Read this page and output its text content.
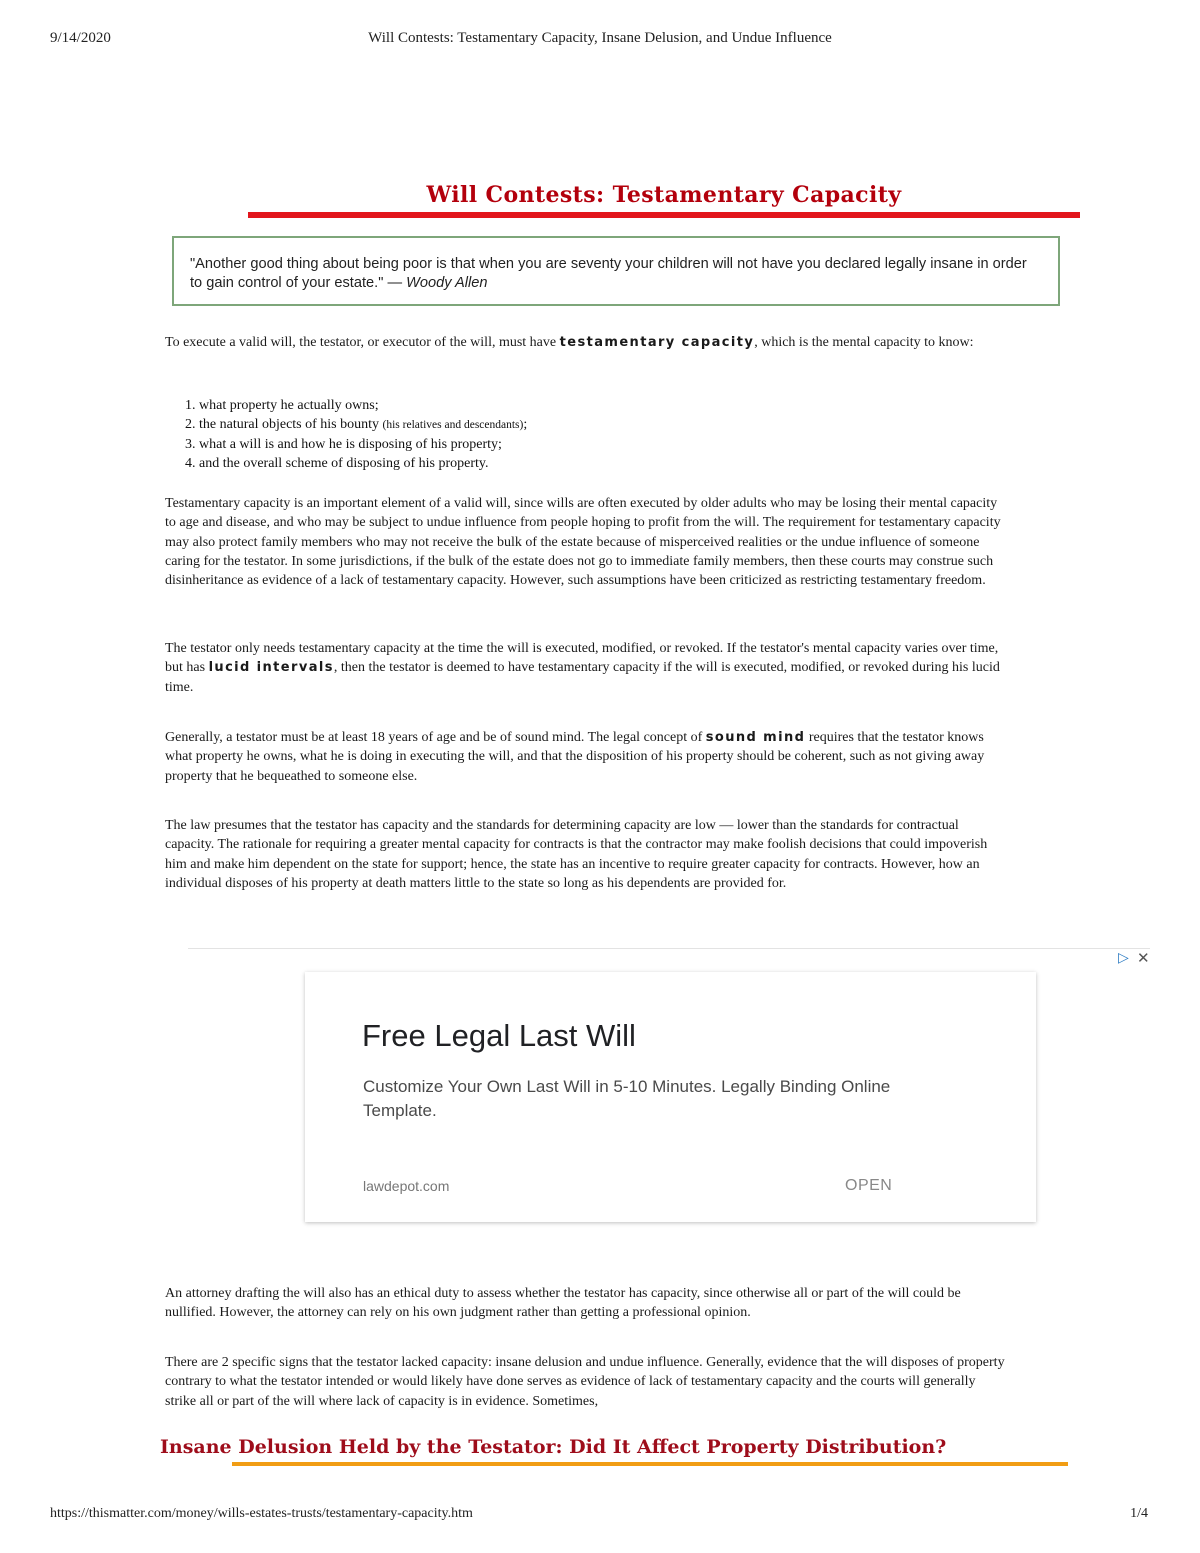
9/14/2020	Will Contests: Testamentary Capacity, Insane Delusion, and Undue Influence
Will Contests: Testamentary Capacity
"Another good thing about being poor is that when you are seventy your children will not have you declared legally insane in order to gain control of your estate." — Woody Allen
To execute a valid will, the testator, or executor of the will, must have testamentary capacity, which is the mental capacity to know:
1. what property he actually owns;
2. the natural objects of his bounty (his relatives and descendants);
3. what a will is and how he is disposing of his property;
4. and the overall scheme of disposing of his property.
Testamentary capacity is an important element of a valid will, since wills are often executed by older adults who may be losing their mental capacity to age and disease, and who may be subject to undue influence from people hoping to profit from the will. The requirement for testamentary capacity may also protect family members who may not receive the bulk of the estate because of misperceived realities or the undue influence of someone caring for the testator. In some jurisdictions, if the bulk of the estate does not go to immediate family members, then these courts may construe such disinheritance as evidence of a lack of testamentary capacity. However, such assumptions have been criticized as restricting testamentary freedom.
The testator only needs testamentary capacity at the time the will is executed, modified, or revoked. If the testator's mental capacity varies over time, but has lucid intervals, then the testator is deemed to have testamentary capacity if the will is executed, modified, or revoked during his lucid time.
Generally, a testator must be at least 18 years of age and be of sound mind. The legal concept of sound mind requires that the testator knows what property he owns, what he is doing in executing the will, and that the disposition of his property should be coherent, such as not giving away property that he bequeathed to someone else.
The law presumes that the testator has capacity and the standards for determining capacity are low — lower than the standards for contractual capacity. The rationale for requiring a greater mental capacity for contracts is that the contractor may make foolish decisions that could impoverish him and make him dependent on the state for support; hence, the state has an incentive to require greater capacity for contracts. However, how an individual disposes of his property at death matters little to the state so long as his dependents are provided for.
▷ ✕
Free Legal Last Will
Customize Your Own Last Will in 5-10 Minutes. Legally Binding Online Template.
lawdepot.com	OPEN
An attorney drafting the will also has an ethical duty to assess whether the testator has capacity, since otherwise all or part of the will could be nullified. However, the attorney can rely on his own judgment rather than getting a professional opinion.
There are 2 specific signs that the testator lacked capacity: insane delusion and undue influence. Generally, evidence that the will disposes of property contrary to what the testator intended or would likely have done serves as evidence of lack of testamentary capacity and the courts will generally strike all or part of the will where lack of capacity is in evidence. Sometimes,
Insane Delusion Held by the Testator: Did It Affect Property Distribution?
https://thismatter.com/money/wills-estates-trusts/testamentary-capacity.htm	1/4
